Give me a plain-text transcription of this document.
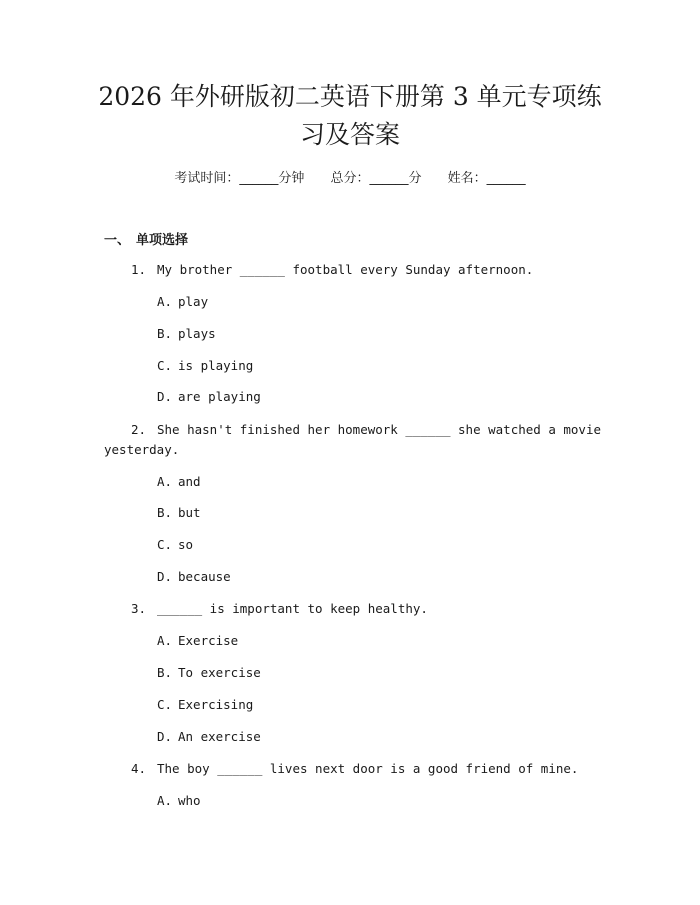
2026 年外研版初二英语下册第 3 单元专项练
习及答案
考试时间：______分钟 总分：______分 姓名：______
一、 单项选择
1. My brother ______ football every Sunday afternoon.
A. play
B. plays
C. is playing
D. are playing
2. She hasn't finished her homework ______ she watched a movie
yesterday.
A. and
B. but
C. so
D. because
3. ______ is important to keep healthy.
A. Exercise
B. To exercise
C. Exercising
D. An exercise
4. The boy ______ lives next door is a good friend of mine.
A. who
